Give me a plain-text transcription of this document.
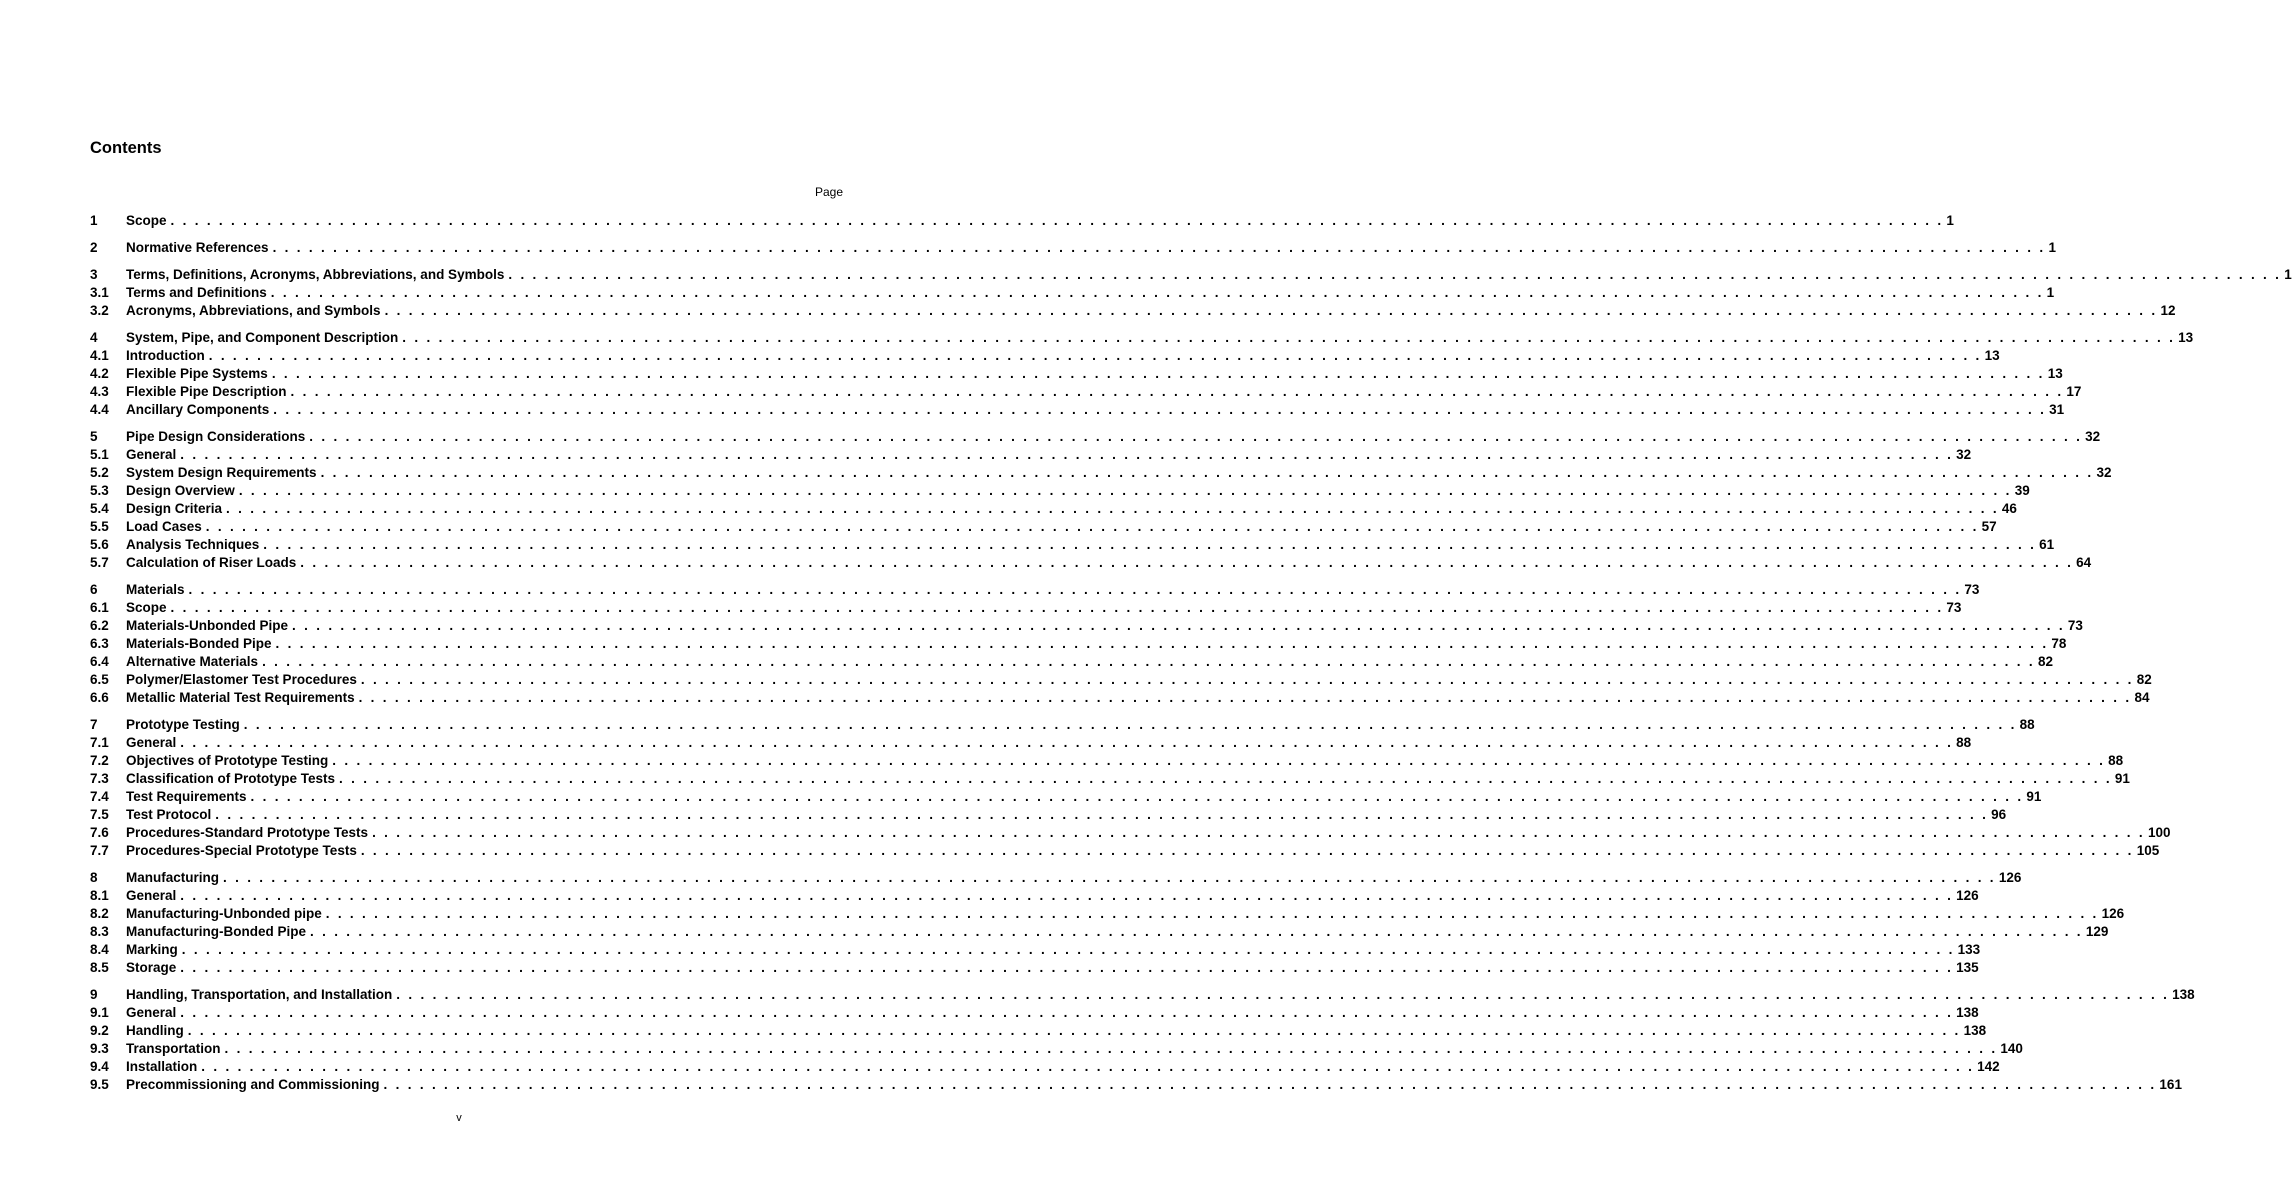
Contents
Page
1	Scope . . . . . . . . . . . . . . . . . . . . . . . . . . . . . . . . . . . . . . . . . . . . . . . . . . . . . . . . . . . . . . . . . . . . . . . . . . . . . . . . . . . . . . . . . . . . . . . . . . . . . . . . . . . . . . . . . . . . . . . . . . . . . . . . . . . . . . . . . . . . . . . . . . . 1
2	Normative References . . . . . . . . . . . . . . . . . . . . . . . . . . . . . . . . . . . . . . . . . . . . . . . . . . . . . . . . . . . . . . . . . . . . . . . . . . . . . . . . . . . . . . . . . . . . . . . . . . . . . . . . . . . . . . . . . . . . . . . . . . . . . . . . . . . . . . . . . . . . . . . . . . . 1
3	Terms, Definitions, Acronyms, Abbreviations, and Symbols . . . . . . . . . . . . . . . . . . . . . . . . . . . . . . . . . . . . . . . . . . . . . . . . . . . . . . . . . . . . . . . . . . . . . . . . . . . . . . . . . . . . . . . . . . . . . . . . . . . . . . . . . . . . . . . . . . . . . . . . . . . . . . . . . . . . . . . . . . . . . . . . . . . 1
3.1	Terms and Definitions . . . . . . . . . . . . . . . . . . . . . . . . . . . . . . . . . . . . . . . . . . . . . . . . . . . . . . . . . . . . . . . . . . . . . . . . . . . . . . . . . . . . . . . . . . . . . . . . . . . . . . . . . . . . . . . . . . . . . . . . . . . . . . . . . . . . . . . . . . . . . . . . . . . 1
3.2	Acronyms, Abbreviations, and Symbols . . . . . . . . . . . . . . . . . . . . . . . . . . . . . . . . . . . . . . . . . . . . . . . . . . . . . . . . . . . . . . . . . . . . . . . . . . . . . . . . . . . . . . . . . . . . . . . . . . . . . . . . . . . . . . . . . . . . . . . . . . . . . . . . . . . . . . . . . . . . . . . . . . . 12
4	System, Pipe, and Component Description . . . . . . . . . . . . . . . . . . . . . . . . . . . . . . . . . . . . . . . . . . . . . . . . . . . . . . . . . . . . . . . . . . . . . . . . . . . . . . . . . . . . . . . . . . . . . . . . . . . . . . . . . . . . . . . . . . . . . . . . . . . . . . . . . . . . . . . . . . . . . . . . . . . 13
4.1	Introduction . . . . . . . . . . . . . . . . . . . . . . . . . . . . . . . . . . . . . . . . . . . . . . . . . . . . . . . . . . . . . . . . . . . . . . . . . . . . . . . . . . . . . . . . . . . . . . . . . . . . . . . . . . . . . . . . . . . . . . . . . . . . . . . . . . . . . . . . . . . . . . . . . . . 13
4.2	Flexible Pipe Systems . . . . . . . . . . . . . . . . . . . . . . . . . . . . . . . . . . . . . . . . . . . . . . . . . . . . . . . . . . . . . . . . . . . . . . . . . . . . . . . . . . . . . . . . . . . . . . . . . . . . . . . . . . . . . . . . . . . . . . . . . . . . . . . . . . . . . . . . . . . . . . . . . . . 13
4.3	Flexible Pipe Description . . . . . . . . . . . . . . . . . . . . . . . . . . . . . . . . . . . . . . . . . . . . . . . . . . . . . . . . . . . . . . . . . . . . . . . . . . . . . . . . . . . . . . . . . . . . . . . . . . . . . . . . . . . . . . . . . . . . . . . . . . . . . . . . . . . . . . . . . . . . . . . . . . . 17
4.4	Ancillary Components . . . . . . . . . . . . . . . . . . . . . . . . . . . . . . . . . . . . . . . . . . . . . . . . . . . . . . . . . . . . . . . . . . . . . . . . . . . . . . . . . . . . . . . . . . . . . . . . . . . . . . . . . . . . . . . . . . . . . . . . . . . . . . . . . . . . . . . . . . . . . . . . . . . 31
5	Pipe Design Considerations . . . . . . . . . . . . . . . . . . . . . . . . . . . . . . . . . . . . . . . . . . . . . . . . . . . . . . . . . . . . . . . . . . . . . . . . . . . . . . . . . . . . . . . . . . . . . . . . . . . . . . . . . . . . . . . . . . . . . . . . . . . . . . . . . . . . . . . . . . . . . . . . . . . 32
5.1	General . . . . . . . . . . . . . . . . . . . . . . . . . . . . . . . . . . . . . . . . . . . . . . . . . . . . . . . . . . . . . . . . . . . . . . . . . . . . . . . . . . . . . . . . . . . . . . . . . . . . . . . . . . . . . . . . . . . . . . . . . . . . . . . . . . . . . . . . . . . . . . . . . . . 32
5.2	System Design Requirements . . . . . . . . . . . . . . . . . . . . . . . . . . . . . . . . . . . . . . . . . . . . . . . . . . . . . . . . . . . . . . . . . . . . . . . . . . . . . . . . . . . . . . . . . . . . . . . . . . . . . . . . . . . . . . . . . . . . . . . . . . . . . . . . . . . . . . . . . . . . . . . . . . . 32
5.3	Design Overview . . . . . . . . . . . . . . . . . . . . . . . . . . . . . . . . . . . . . . . . . . . . . . . . . . . . . . . . . . . . . . . . . . . . . . . . . . . . . . . . . . . . . . . . . . . . . . . . . . . . . . . . . . . . . . . . . . . . . . . . . . . . . . . . . . . . . . . . . . . . . . . . . . . 39
5.4	Design Criteria . . . . . . . . . . . . . . . . . . . . . . . . . . . . . . . . . . . . . . . . . . . . . . . . . . . . . . . . . . . . . . . . . . . . . . . . . . . . . . . . . . . . . . . . . . . . . . . . . . . . . . . . . . . . . . . . . . . . . . . . . . . . . . . . . . . . . . . . . . . . . . . . . . . 46
5.5	Load Cases . . . . . . . . . . . . . . . . . . . . . . . . . . . . . . . . . . . . . . . . . . . . . . . . . . . . . . . . . . . . . . . . . . . . . . . . . . . . . . . . . . . . . . . . . . . . . . . . . . . . . . . . . . . . . . . . . . . . . . . . . . . . . . . . . . . . . . . . . . . . . . . . . . . 57
5.6	Analysis Techniques . . . . . . . . . . . . . . . . . . . . . . . . . . . . . . . . . . . . . . . . . . . . . . . . . . . . . . . . . . . . . . . . . . . . . . . . . . . . . . . . . . . . . . . . . . . . . . . . . . . . . . . . . . . . . . . . . . . . . . . . . . . . . . . . . . . . . . . . . . . . . . . . . . . 61
5.7	Calculation of Riser Loads . . . . . . . . . . . . . . . . . . . . . . . . . . . . . . . . . . . . . . . . . . . . . . . . . . . . . . . . . . . . . . . . . . . . . . . . . . . . . . . . . . . . . . . . . . . . . . . . . . . . . . . . . . . . . . . . . . . . . . . . . . . . . . . . . . . . . . . . . . . . . . . . . . . 64
6	Materials . . . . . . . . . . . . . . . . . . . . . . . . . . . . . . . . . . . . . . . . . . . . . . . . . . . . . . . . . . . . . . . . . . . . . . . . . . . . . . . . . . . . . . . . . . . . . . . . . . . . . . . . . . . . . . . . . . . . . . . . . . . . . . . . . . . . . . . . . . . . . . . . . . . 73
6.1	Scope . . . . . . . . . . . . . . . . . . . . . . . . . . . . . . . . . . . . . . . . . . . . . . . . . . . . . . . . . . . . . . . . . . . . . . . . . . . . . . . . . . . . . . . . . . . . . . . . . . . . . . . . . . . . . . . . . . . . . . . . . . . . . . . . . . . . . . . . . . . . . . . . . . . 73
6.2	Materials-Unbonded Pipe . . . . . . . . . . . . . . . . . . . . . . . . . . . . . . . . . . . . . . . . . . . . . . . . . . . . . . . . . . . . . . . . . . . . . . . . . . . . . . . . . . . . . . . . . . . . . . . . . . . . . . . . . . . . . . . . . . . . . . . . . . . . . . . . . . . . . . . . . . . . . . . . . . . 73
6.3	Materials-Bonded Pipe . . . . . . . . . . . . . . . . . . . . . . . . . . . . . . . . . . . . . . . . . . . . . . . . . . . . . . . . . . . . . . . . . . . . . . . . . . . . . . . . . . . . . . . . . . . . . . . . . . . . . . . . . . . . . . . . . . . . . . . . . . . . . . . . . . . . . . . . . . . . . . . . . . . 78
6.4	Alternative Materials . . . . . . . . . . . . . . . . . . . . . . . . . . . . . . . . . . . . . . . . . . . . . . . . . . . . . . . . . . . . . . . . . . . . . . . . . . . . . . . . . . . . . . . . . . . . . . . . . . . . . . . . . . . . . . . . . . . . . . . . . . . . . . . . . . . . . . . . . . . . . . . . . . . 82
6.5	Polymer/Elastomer Test Procedures . . . . . . . . . . . . . . . . . . . . . . . . . . . . . . . . . . . . . . . . . . . . . . . . . . . . . . . . . . . . . . . . . . . . . . . . . . . . . . . . . . . . . . . . . . . . . . . . . . . . . . . . . . . . . . . . . . . . . . . . . . . . . . . . . . . . . . . . . . . . . . . . . . . 82
6.6	Metallic Material Test Requirements . . . . . . . . . . . . . . . . . . . . . . . . . . . . . . . . . . . . . . . . . . . . . . . . . . . . . . . . . . . . . . . . . . . . . . . . . . . . . . . . . . . . . . . . . . . . . . . . . . . . . . . . . . . . . . . . . . . . . . . . . . . . . . . . . . . . . . . . . . . . . . . . . . . 84
7	Prototype Testing . . . . . . . . . . . . . . . . . . . . . . . . . . . . . . . . . . . . . . . . . . . . . . . . . . . . . . . . . . . . . . . . . . . . . . . . . . . . . . . . . . . . . . . . . . . . . . . . . . . . . . . . . . . . . . . . . . . . . . . . . . . . . . . . . . . . . . . . . . . . . . . . . . . 88
7.1	General . . . . . . . . . . . . . . . . . . . . . . . . . . . . . . . . . . . . . . . . . . . . . . . . . . . . . . . . . . . . . . . . . . . . . . . . . . . . . . . . . . . . . . . . . . . . . . . . . . . . . . . . . . . . . . . . . . . . . . . . . . . . . . . . . . . . . . . . . . . . . . . . . . . 88
7.2	Objectives of Prototype Testing . . . . . . . . . . . . . . . . . . . . . . . . . . . . . . . . . . . . . . . . . . . . . . . . . . . . . . . . . . . . . . . . . . . . . . . . . . . . . . . . . . . . . . . . . . . . . . . . . . . . . . . . . . . . . . . . . . . . . . . . . . . . . . . . . . . . . . . . . . . . . . . . . . . 88
7.3	Classification of Prototype Tests . . . . . . . . . . . . . . . . . . . . . . . . . . . . . . . . . . . . . . . . . . . . . . . . . . . . . . . . . . . . . . . . . . . . . . . . . . . . . . . . . . . . . . . . . . . . . . . . . . . . . . . . . . . . . . . . . . . . . . . . . . . . . . . . . . . . . . . . . . . . . . . . . . . 91
7.4	Test Requirements . . . . . . . . . . . . . . . . . . . . . . . . . . . . . . . . . . . . . . . . . . . . . . . . . . . . . . . . . . . . . . . . . . . . . . . . . . . . . . . . . . . . . . . . . . . . . . . . . . . . . . . . . . . . . . . . . . . . . . . . . . . . . . . . . . . . . . . . . . . . . . . . . . . 91
7.5	Test Protocol . . . . . . . . . . . . . . . . . . . . . . . . . . . . . . . . . . . . . . . . . . . . . . . . . . . . . . . . . . . . . . . . . . . . . . . . . . . . . . . . . . . . . . . . . . . . . . . . . . . . . . . . . . . . . . . . . . . . . . . . . . . . . . . . . . . . . . . . . . . . . . . . . . . 96
7.6	Procedures-Standard Prototype Tests . . . . . . . . . . . . . . . . . . . . . . . . . . . . . . . . . . . . . . . . . . . . . . . . . . . . . . . . . . . . . . . . . . . . . . . . . . . . . . . . . . . . . . . . . . . . . . . . . . . . . . . . . . . . . . . . . . . . . . . . . . . . . . . . . . . . . . . . . . . . . . . . . . . 100
7.7	Procedures-Special Prototype Tests . . . . . . . . . . . . . . . . . . . . . . . . . . . . . . . . . . . . . . . . . . . . . . . . . . . . . . . . . . . . . . . . . . . . . . . . . . . . . . . . . . . . . . . . . . . . . . . . . . . . . . . . . . . . . . . . . . . . . . . . . . . . . . . . . . . . . . . . . . . . . . . . . . . 105
8	Manufacturing . . . . . . . . . . . . . . . . . . . . . . . . . . . . . . . . . . . . . . . . . . . . . . . . . . . . . . . . . . . . . . . . . . . . . . . . . . . . . . . . . . . . . . . . . . . . . . . . . . . . . . . . . . . . . . . . . . . . . . . . . . . . . . . . . . . . . . . . . . . . . . . . . . . 126
8.1	General . . . . . . . . . . . . . . . . . . . . . . . . . . . . . . . . . . . . . . . . . . . . . . . . . . . . . . . . . . . . . . . . . . . . . . . . . . . . . . . . . . . . . . . . . . . . . . . . . . . . . . . . . . . . . . . . . . . . . . . . . . . . . . . . . . . . . . . . . . . . . . . . . . . 126
8.2	Manufacturing-Unbonded pipe . . . . . . . . . . . . . . . . . . . . . . . . . . . . . . . . . . . . . . . . . . . . . . . . . . . . . . . . . . . . . . . . . . . . . . . . . . . . . . . . . . . . . . . . . . . . . . . . . . . . . . . . . . . . . . . . . . . . . . . . . . . . . . . . . . . . . . . . . . . . . . . . . . . 126
8.3	Manufacturing-Bonded Pipe . . . . . . . . . . . . . . . . . . . . . . . . . . . . . . . . . . . . . . . . . . . . . . . . . . . . . . . . . . . . . . . . . . . . . . . . . . . . . . . . . . . . . . . . . . . . . . . . . . . . . . . . . . . . . . . . . . . . . . . . . . . . . . . . . . . . . . . . . . . . . . . . . . . 129
8.4	Marking . . . . . . . . . . . . . . . . . . . . . . . . . . . . . . . . . . . . . . . . . . . . . . . . . . . . . . . . . . . . . . . . . . . . . . . . . . . . . . . . . . . . . . . . . . . . . . . . . . . . . . . . . . . . . . . . . . . . . . . . . . . . . . . . . . . . . . . . . . . . . . . . . . . 133
8.5	Storage . . . . . . . . . . . . . . . . . . . . . . . . . . . . . . . . . . . . . . . . . . . . . . . . . . . . . . . . . . . . . . . . . . . . . . . . . . . . . . . . . . . . . . . . . . . . . . . . . . . . . . . . . . . . . . . . . . . . . . . . . . . . . . . . . . . . . . . . . . . . . . . . . . . 135
9	Handling, Transportation, and Installation . . . . . . . . . . . . . . . . . . . . . . . . . . . . . . . . . . . . . . . . . . . . . . . . . . . . . . . . . . . . . . . . . . . . . . . . . . . . . . . . . . . . . . . . . . . . . . . . . . . . . . . . . . . . . . . . . . . . . . . . . . . . . . . . . . . . . . . . . . . . . . . . . . . 138
9.1	General . . . . . . . . . . . . . . . . . . . . . . . . . . . . . . . . . . . . . . . . . . . . . . . . . . . . . . . . . . . . . . . . . . . . . . . . . . . . . . . . . . . . . . . . . . . . . . . . . . . . . . . . . . . . . . . . . . . . . . . . . . . . . . . . . . . . . . . . . . . . . . . . . . . 138
9.2	Handling . . . . . . . . . . . . . . . . . . . . . . . . . . . . . . . . . . . . . . . . . . . . . . . . . . . . . . . . . . . . . . . . . . . . . . . . . . . . . . . . . . . . . . . . . . . . . . . . . . . . . . . . . . . . . . . . . . . . . . . . . . . . . . . . . . . . . . . . . . . . . . . . . . . 138
9.3	Transportation . . . . . . . . . . . . . . . . . . . . . . . . . . . . . . . . . . . . . . . . . . . . . . . . . . . . . . . . . . . . . . . . . . . . . . . . . . . . . . . . . . . . . . . . . . . . . . . . . . . . . . . . . . . . . . . . . . . . . . . . . . . . . . . . . . . . . . . . . . . . . . . . . . . 140
9.4	Installation . . . . . . . . . . . . . . . . . . . . . . . . . . . . . . . . . . . . . . . . . . . . . . . . . . . . . . . . . . . . . . . . . . . . . . . . . . . . . . . . . . . . . . . . . . . . . . . . . . . . . . . . . . . . . . . . . . . . . . . . . . . . . . . . . . . . . . . . . . . . . . . . . . . 142
9.5	Precommissioning and Commissioning . . . . . . . . . . . . . . . . . . . . . . . . . . . . . . . . . . . . . . . . . . . . . . . . . . . . . . . . . . . . . . . . . . . . . . . . . . . . . . . . . . . . . . . . . . . . . . . . . . . . . . . . . . . . . . . . . . . . . . . . . . . . . . . . . . . . . . . . . . . . . . . . . . . 161
v
